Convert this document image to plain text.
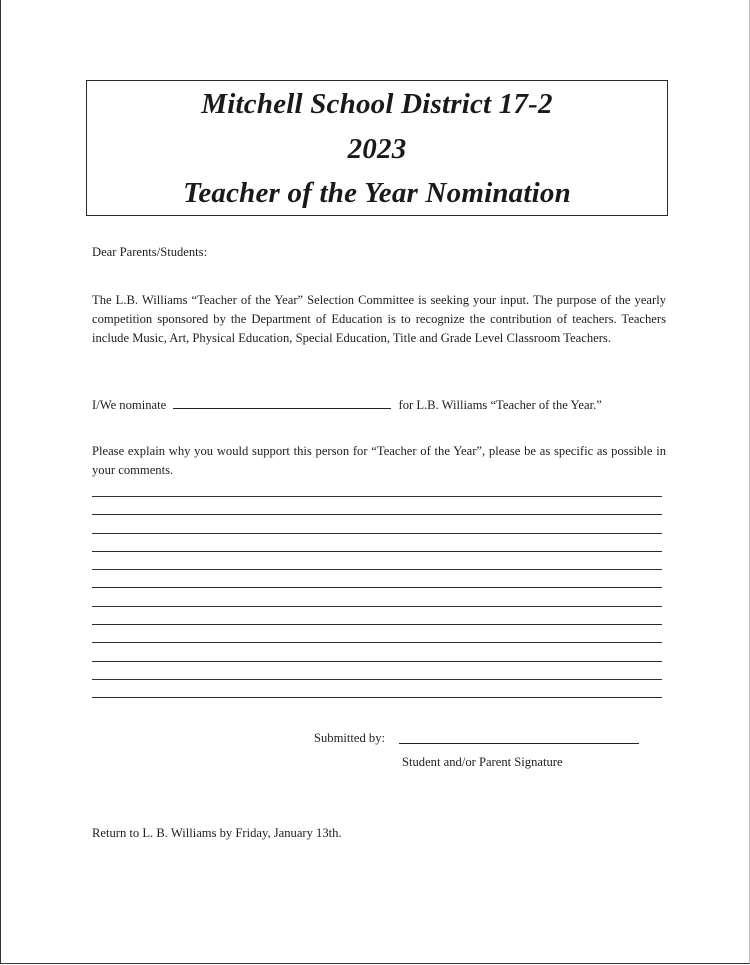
Mitchell School District 17-2
2023
Teacher of the Year Nomination
Dear Parents/Students:
The L.B. Williams “Teacher of the Year” Selection Committee is seeking your input. The purpose of the yearly competition sponsored by the Department of Education is to recognize the contribution of teachers. Teachers include Music, Art, Physical Education, Special Education, Title and Grade Level Classroom Teachers.
I/We nominate	for L.B. Williams “Teacher of the Year.”
Please explain why you would support this person for “Teacher of the Year”, please be as specific as possible in your comments.
Submitted by:
Student and/or Parent Signature
Return to L. B. Williams by Friday, January 13th.
